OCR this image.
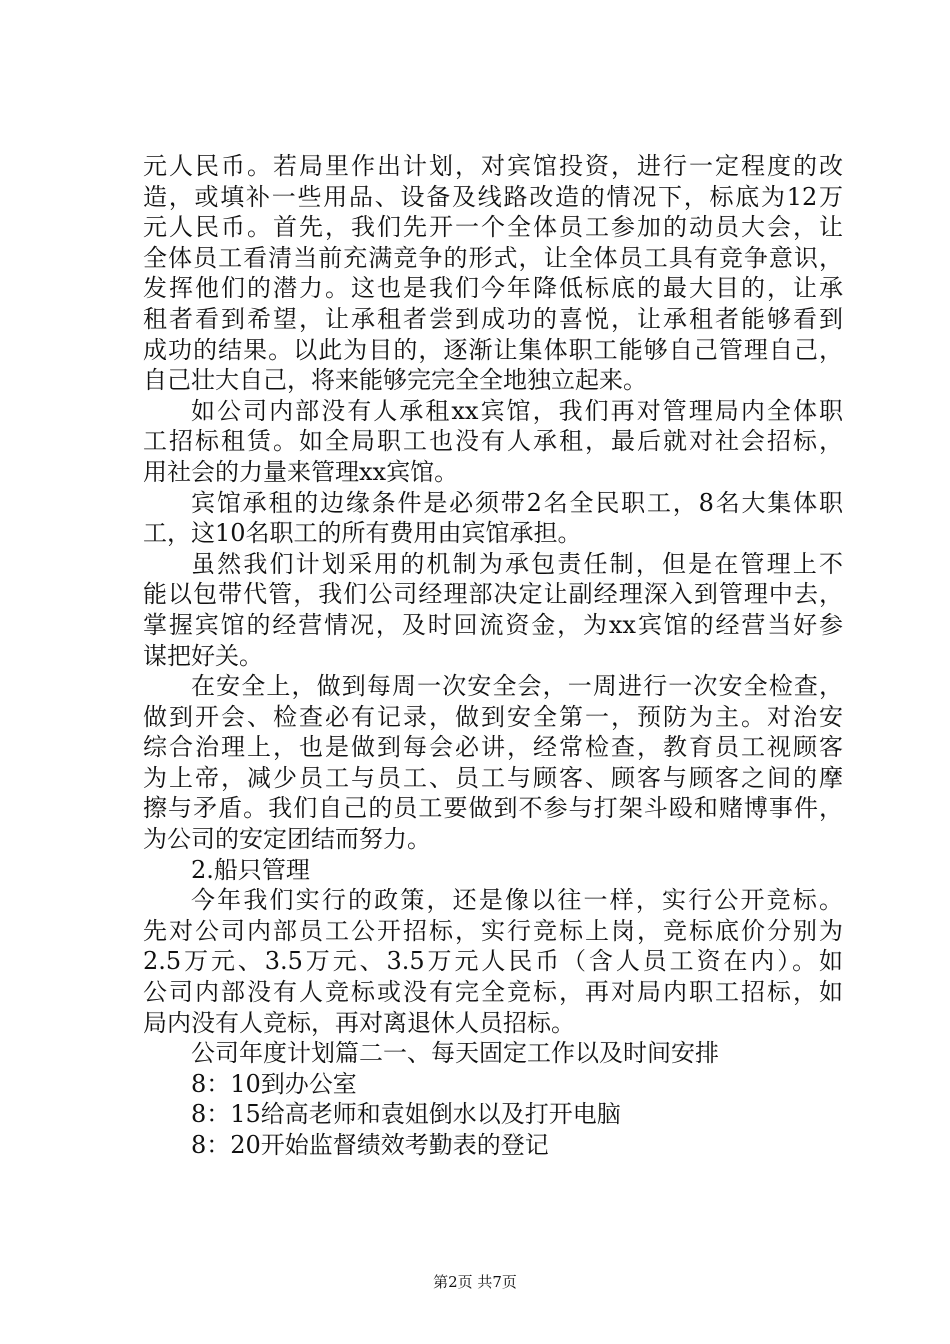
元人民币。若局里作出计划，对宾馆投资，进行一定程度的改
造，或填补一些用品、设备及线路改造的情况下，标底为12万
元人民币。首先，我们先开一个全体员工参加的动员大会，让
全体员工看清当前充满竞争的形式，让全体员工具有竞争意识，
发挥他们的潜力。这也是我们今年降低标底的最大目的，让承
租者看到希望，让承租者尝到成功的喜悦，让承租者能够看到
成功的结果。以此为目的，逐渐让集体职工能够自己管理自己，
自己壮大自己，将来能够完完全全地独立起来。
如公司内部没有人承租xx宾馆，我们再对管理局内全体职
工招标租赁。如全局职工也没有人承租，最后就对社会招标，
用社会的力量来管理xx宾馆。
宾馆承租的边缘条件是必须带2名全民职工，8名大集体职
工，这10名职工的所有费用由宾馆承担。
虽然我们计划采用的机制为承包责任制，但是在管理上不
能以包带代管，我们公司经理部决定让副经理深入到管理中去，
掌握宾馆的经营情况，及时回流资金，为xx宾馆的经营当好参
谋把好关。
在安全上，做到每周一次安全会，一周进行一次安全检查，
做到开会、检查必有记录，做到安全第一，预防为主。对治安
综合治理上，也是做到每会必讲，经常检查，教育员工视顾客
为上帝，减少员工与员工、员工与顾客、顾客与顾客之间的摩
擦与矛盾。我们自己的员工要做到不参与打架斗殴和赌博事件，
为公司的安定团结而努力。
2.船只管理
今年我们实行的政策，还是像以往一样，实行公开竞标。
先对公司内部员工公开招标，实行竞标上岗，竞标底价分别为
2.5万元、3.5万元、3.5万元人民币（含人员工资在内）。如
公司内部没有人竞标或没有完全竞标，再对局内职工招标，如
局内没有人竞标，再对离退休人员招标。
公司年度计划篇二一、每天固定工作以及时间安排
8：10到办公室
8：15给高老师和袁姐倒水以及打开电脑
8：20开始监督绩效考勤表的登记
第2页 共7页
